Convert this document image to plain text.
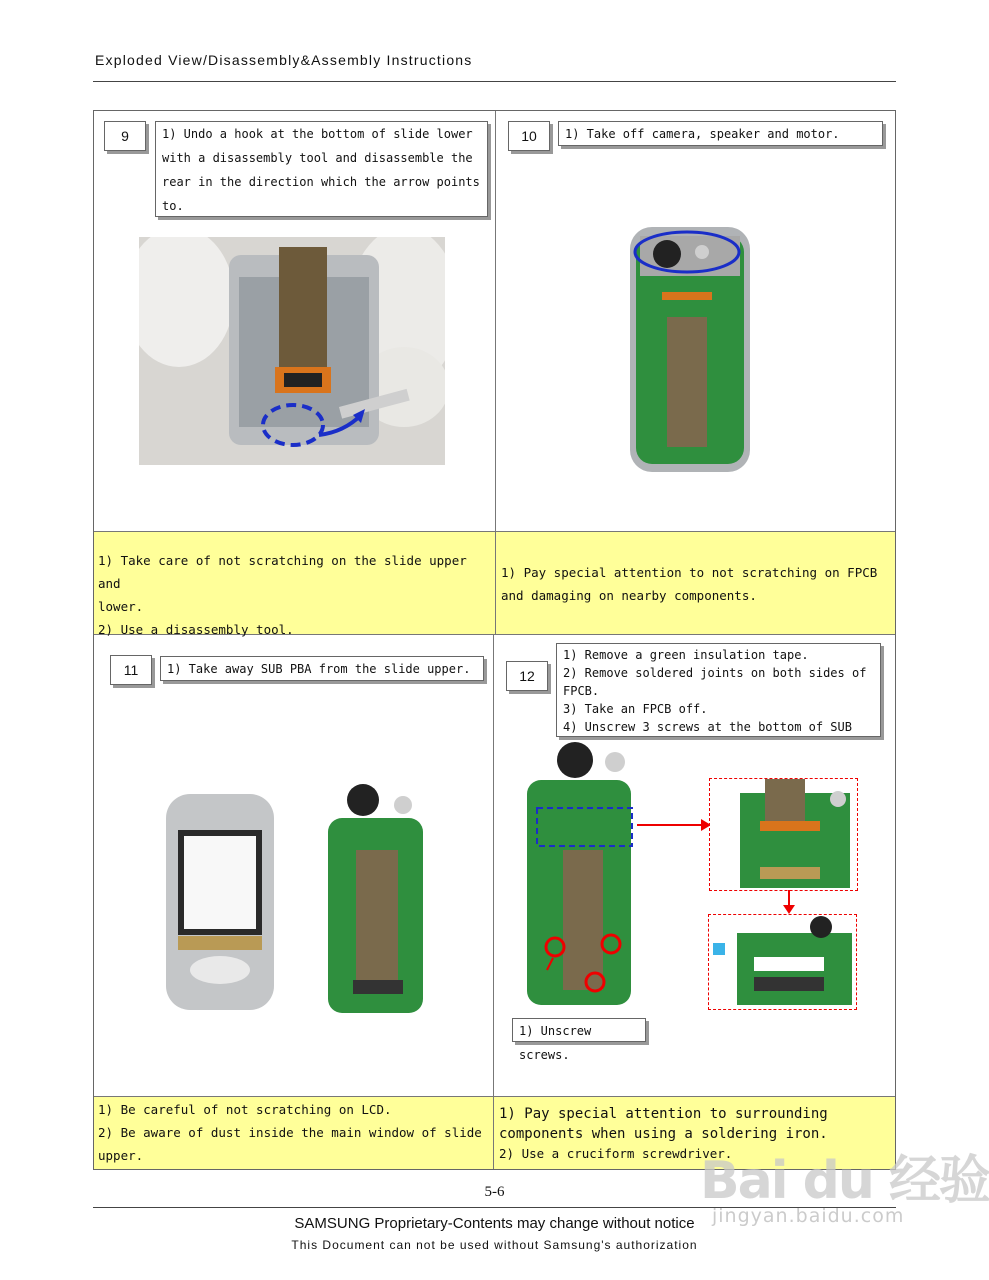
Exploded View/Disassembly&Assembly Instructions
9	1) Undo a hook at the bottom of slide lower
with a disassembly tool and disassemble the
rear in the direction which the arrow points
to.
1) Take care of not scratching on the slide upper and
lower.
2) Use a disassembly tool.
10	1) Take off camera, speaker and motor.
1) Pay special attention to not scratching on FPCB
and damaging on nearby components.
11	1) Take away SUB PBA from the slide upper.
1) Be careful of not scratching on LCD.
2) Be aware of dust inside the main window of slide
upper.
12
1) Remove a green insulation tape.
2) Remove soldered joints on both sides of
FPCB.
3) Take an FPCB off.
4) Unscrew 3 screws at the bottom of SUB
1) Unscrew screws.
1) Pay special attention to surrounding
components when using a soldering iron.
2) Use a cruciform screwdriver.
5-6
SAMSUNG Proprietary-Contents may change without notice
This Document can not be used without Samsung's authorization
Bai du 经验
jingyan.baidu.com
